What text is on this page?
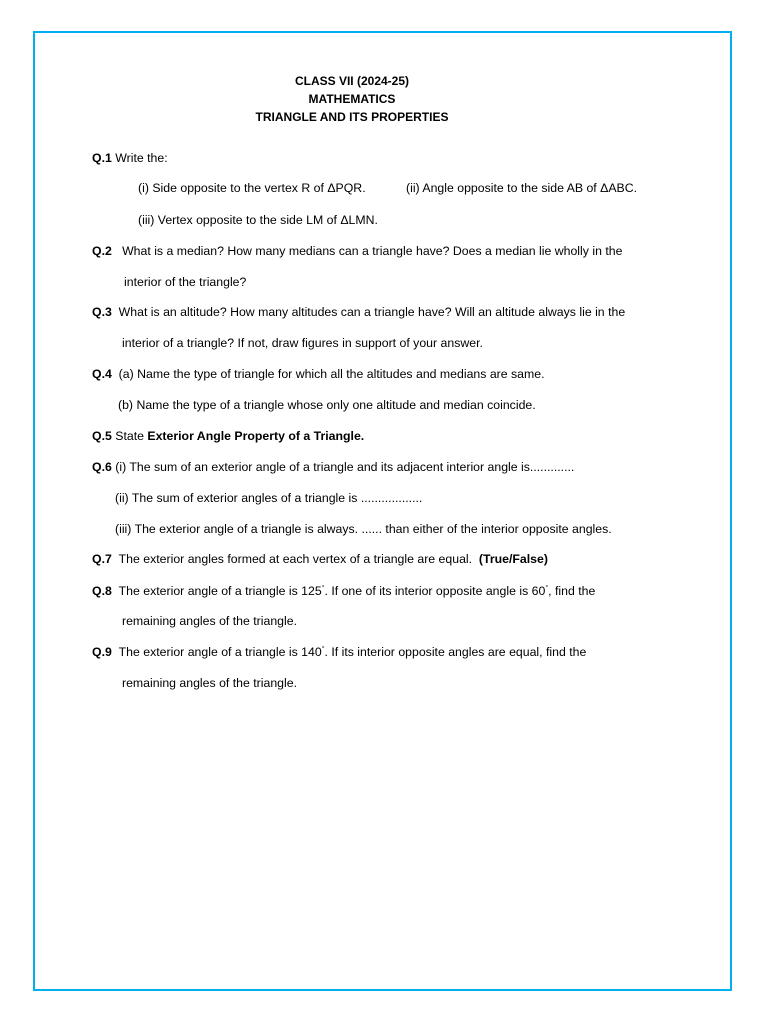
CLASS VII (2024-25)
MATHEMATICS
TRIANGLE AND ITS PROPERTIES
Q.1 Write the:
(i) Side opposite to the vertex R of ΔPQR.	(ii) Angle opposite to the side AB of ΔABC.
(iii) Vertex opposite to the side LM of ΔLMN.
Q.2 What is a median? How many medians can a triangle have? Does a median lie wholly in the
interior of the triangle?
Q.3 What is an altitude? How many altitudes can a triangle have? Will an altitude always lie in the
interior of a triangle? If not, draw figures in support of your answer.
Q.4 (a) Name the type of triangle for which all the altitudes and medians are same.
(b) Name the type of a triangle whose only one altitude and median coincide.
Q.5 State Exterior Angle Property of a Triangle.
Q.6 (i) The sum of an exterior angle of a triangle and its adjacent interior angle is.............
(ii) The sum of exterior angles of a triangle is ..................
(iii) The exterior angle of a triangle is always. ...... than either of the interior opposite angles.
Q.7 The exterior angles formed at each vertex of a triangle are equal. (True/False)
Q.8 The exterior angle of a triangle is 125°. If one of its interior opposite angle is 60°, find the
remaining angles of the triangle.
Q.9 The exterior angle of a triangle is 140°. If its interior opposite angles are equal, find the
remaining angles of the triangle.
